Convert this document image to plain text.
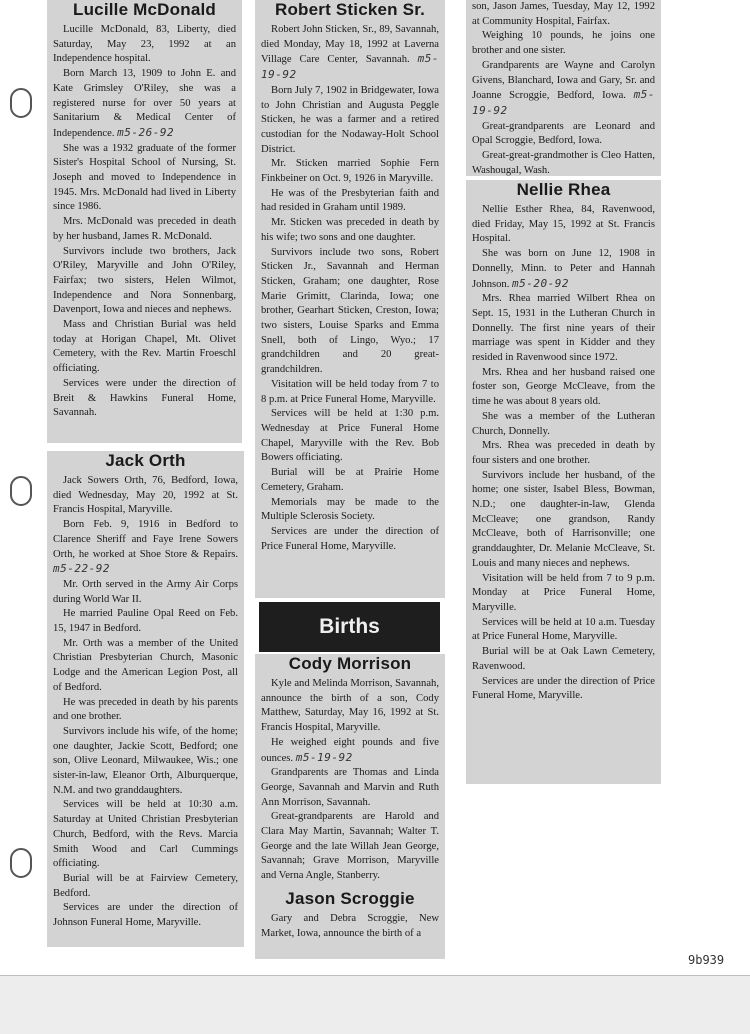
Lucille McDonald

Lucille McDonald, 83, Liberty, died Saturday, May 23, 1992 at an Independence hospital.

Born March 13, 1909 to John E. and Kate Grimsley O'Riley, she was a registered nurse for over 50 years at Sanitarium & Medical Center of Independence. m5-26-92

She was a 1932 graduate of the former Sister's Hospital School of Nursing, St. Joseph and moved to Independence in 1945. Mrs. McDonald had lived in Liberty since 1986.

Mrs. McDonald was preceded in death by her husband, James R. McDonald.

Survivors include two brothers, Jack O'Riley, Maryville and John O'Riley, Fairfax; two sisters, Helen Wilmot, Independence and Nora Sonnenbarg, Davenport, Iowa and nieces and nephews.

Mass and Christian Burial was held today at Horigan Chapel, Mt. Olivet Cemetery, with the Rev. Martin Froeschl officiating.

Services were under the direction of Breit & Hawkins Funeral Home, Savannah.

Jack Orth

Jack Sowers Orth, 76, Bedford, Iowa, died Wednesday, May 20, 1992 at St. Francis Hospital, Maryville.

Born Feb. 9, 1916 in Bedford to Clarence Sheriff and Faye Irene Sowers Orth, he worked at Shoe Store & Repairs. m5-22-92

Mr. Orth served in the Army Air Corps during World War II.

He married Pauline Opal Reed on Feb. 15, 1947 in Bedford.

Mr. Orth was a member of the United Christian Presbyterian Church, Masonic Lodge and the American Legion Post, all of Bedford.

He was preceded in death by his parents and one brother.

Survivors include his wife, of the home; one daughter, Jackie Scott, Bedford; one son, Olive Leonard, Milwaukee, Wis.; one sister-in-law, Eleanor Orth, Alburquerque, N.M. and two granddaughters.

Services will be held at 10:30 a.m. Saturday at United Christian Presbyterian Church, Bedford, with the Revs. Marcia Smith Wood and Carl Cummings officiating.

Burial will be at Fairview Cemetery, Bedford.

Services are under the direction of Johnson Funeral Home, Maryville.

Robert Sticken Sr.

Robert John Sticken, Sr., 89, Savannah, died Monday, May 18, 1992 at Laverna Village Care Center, Savannah. m5-19-92

Born July 7, 1902 in Bridgewater, Iowa to John Christian and Augusta Peggle Sticken, he was a farmer and a retired custodian for the Nodaway-Holt School District.

Mr. Sticken married Sophie Fern Finkbeiner on Oct. 9, 1926 in Maryville.

He was of the Presbyterian faith and had resided in Graham until 1989.

Mr. Sticken was preceded in death by his wife; two sons and one daughter.

Survivors include two sons, Robert Sticken Jr., Savannah and Herman Sticken, Graham; one daughter, Rose Marie Grimitt, Clarinda, Iowa; one brother, Gearhart Sticken, Creston, Iowa; two sisters, Louise Sparks and Emma Snell, both of Lingo, Wyo.; 17 grandchildren and 20 great-grandchildren.

Visitation will be held today from 7 to 8 p.m. at Price Funeral Home, Maryville.

Services will be held at 1:30 p.m. Wednesday at Price Funeral Home Chapel, Maryville with the Rev. Bob Bowers officiating.

Burial will be at Prairie Home Cemetery, Graham.

Memorials may be made to the Multiple Sclerosis Society.

Services are under the direction of Price Funeral Home, Maryville.

Births
Cody Morrison

Kyle and Melinda Morrison, Savannah, announce the birth of a son, Cody Matthew, Saturday, May 16, 1992 at St. Francis Hospital, Maryville.

He weighed eight pounds and five ounces. m5-19-92

Grandparents are Thomas and Linda George, Savannah and Marvin and Ruth Ann Morrison, Savannah.

Great-grandparents are Harold and Clara May Martin, Savannah; Walter T. George and the late Willah Jean George, Savannah; Grave Morrison, Maryville and Verna Angle, Stanberry.

Jason Scroggie

Gary and Debra Scroggie, New Market, Iowa, announce the birth of a

son, Jason James, Tuesday, May 12, 1992 at Community Hospital, Fairfax.

Weighing 10 pounds, he joins one brother and one sister.

Grandparents are Wayne and Carolyn Givens, Blanchard, Iowa and Gary, Sr. and Joanne Scroggie, Bedford, Iowa. m5-19-92

Great-grandparents are Leonard and Opal Scroggie, Bedford, Iowa.

Great-great-grandmother is Cleo Hatten, Washougal, Wash.

Nellie Rhea

Nellie Esther Rhea, 84, Ravenwood, died Friday, May 15, 1992 at St. Francis Hospital.

She was born on June 12, 1908 in Donnelly, Minn. to Peter and Hannah Johnson. m5-20-92

Mrs. Rhea married Wilbert Rhea on Sept. 15, 1931 in the Lutheran Church in Donnelly. The first nine years of their marriage was spent in Kidder and they resided in Ravenwood since 1972.

Mrs. Rhea and her husband raised one foster son, George McCleave, from the time he was about 8 years old.

She was a member of the Lutheran Church, Donnelly.

Mrs. Rhea was preceded in death by four sisters and one brother.

Survivors include her husband, of the home; one sister, Isabel Bless, Bowman, N.D.; one daughter-in-law, Glenda McCleave; one grandson, Randy McCleave, both of Harrisonville; one granddaughter, Dr. Melanie McCleave, St. Louis and many nieces and nephews.

Visitation will be held from 7 to 9 p.m. Monday at Price Funeral Home, Maryville.

Services will be held at 10 a.m. Tuesday at Price Funeral Home, Maryville.

Burial will be at Oak Lawn Cemetery, Ravenwood.

Services are under the direction of Price Funeral Home, Maryville.

9b939
